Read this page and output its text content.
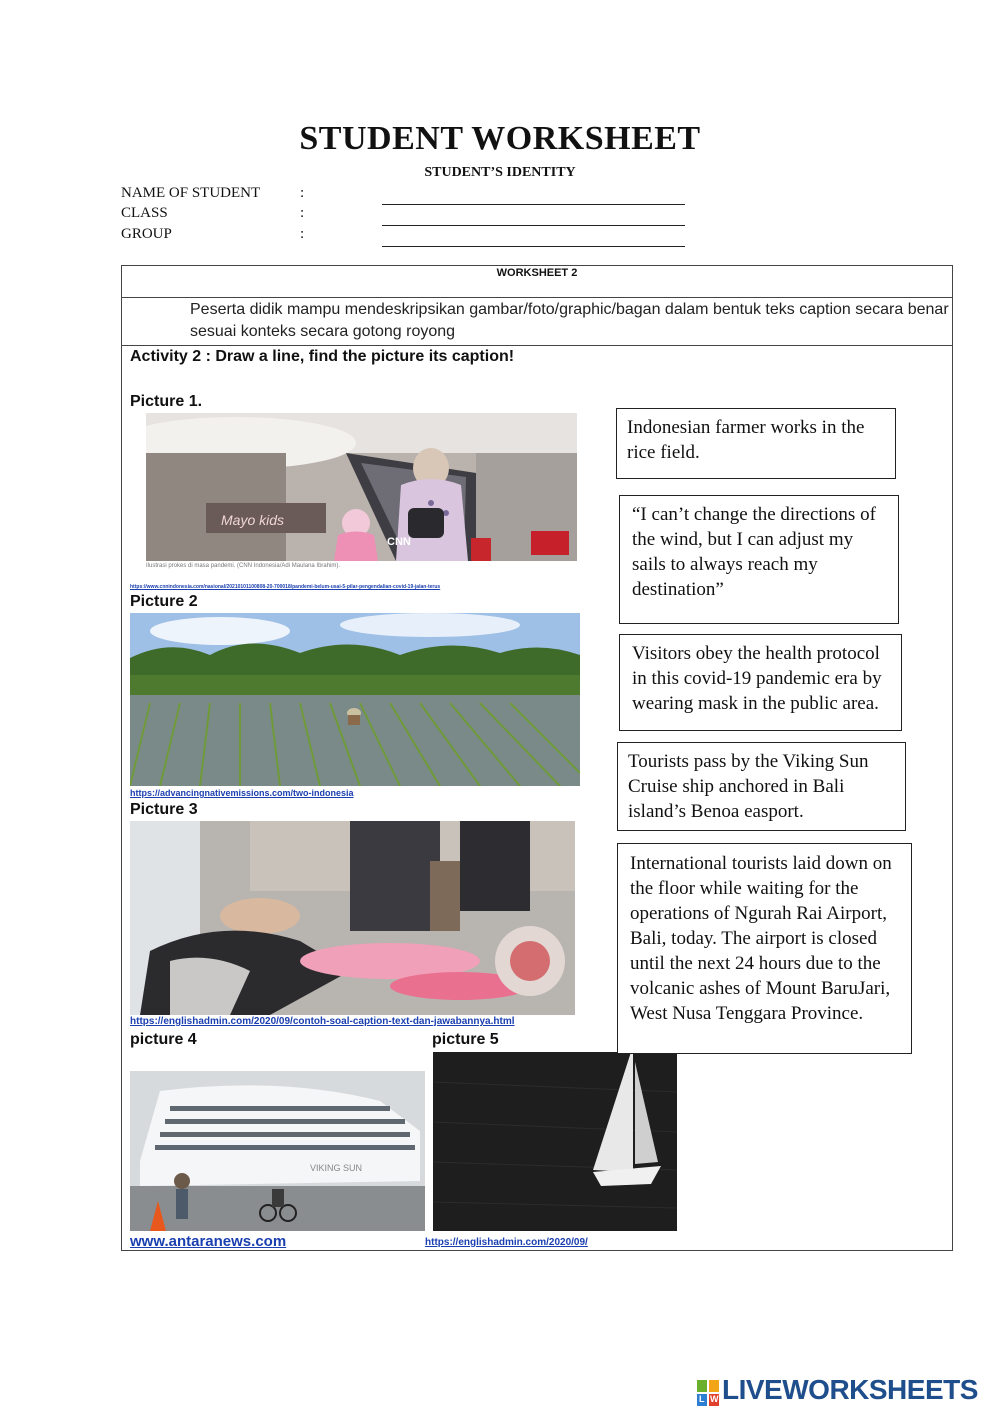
STUDENT WORKSHEET
STUDENT’S IDENTITY
NAME OF STUDENT	:
CLASS	:
GROUP	:
WORKSHEET 2
Peserta didik mampu mendeskripsikan gambar/foto/graphic/bagan dalam bentuk teks caption secara benar sesuai konteks secara gotong royong
Activity 2 : Draw a line, find the picture its caption!
Picture 1.
Mayo kids
CNN
Ilustrasi prokes di masa pandemi. (CNN Indonesia/Adi Maulana Ibrahim).
https://www.cnnindonesia.com/nasional/20210101100808-20-700018/pandemi-belum-usai-5-pilar-pengendalian-covid-19-jalan-terus
Picture 2
https://advancingnativemissions.com/two-indonesia
Picture 3
https://englishadmin.com/2020/09/contoh-soal-caption-text-dan-jawabannya.html
picture 4
VIKING SUN
www.antaranews.com
picture 5
https://englishadmin.com/2020/09/
Indonesian farmer works in the rice field.
“I can’t change the directions of the wind, but I can adjust my sails to always reach my destination”
Visitors obey the health protocol in this covid-19 pandemic era by wearing mask in the public area.
Tourists pass by the Viking Sun Cruise ship anchored in Bali island’s Benoa easport.
International tourists laid down on the floor while waiting for the operations of Ngurah Rai Airport, Bali, today. The airport is closed until the next 24 hours due to the volcanic ashes of Mount BaruJari, West Nusa Tenggara Province.
L W LIVEWORKSHEETS
